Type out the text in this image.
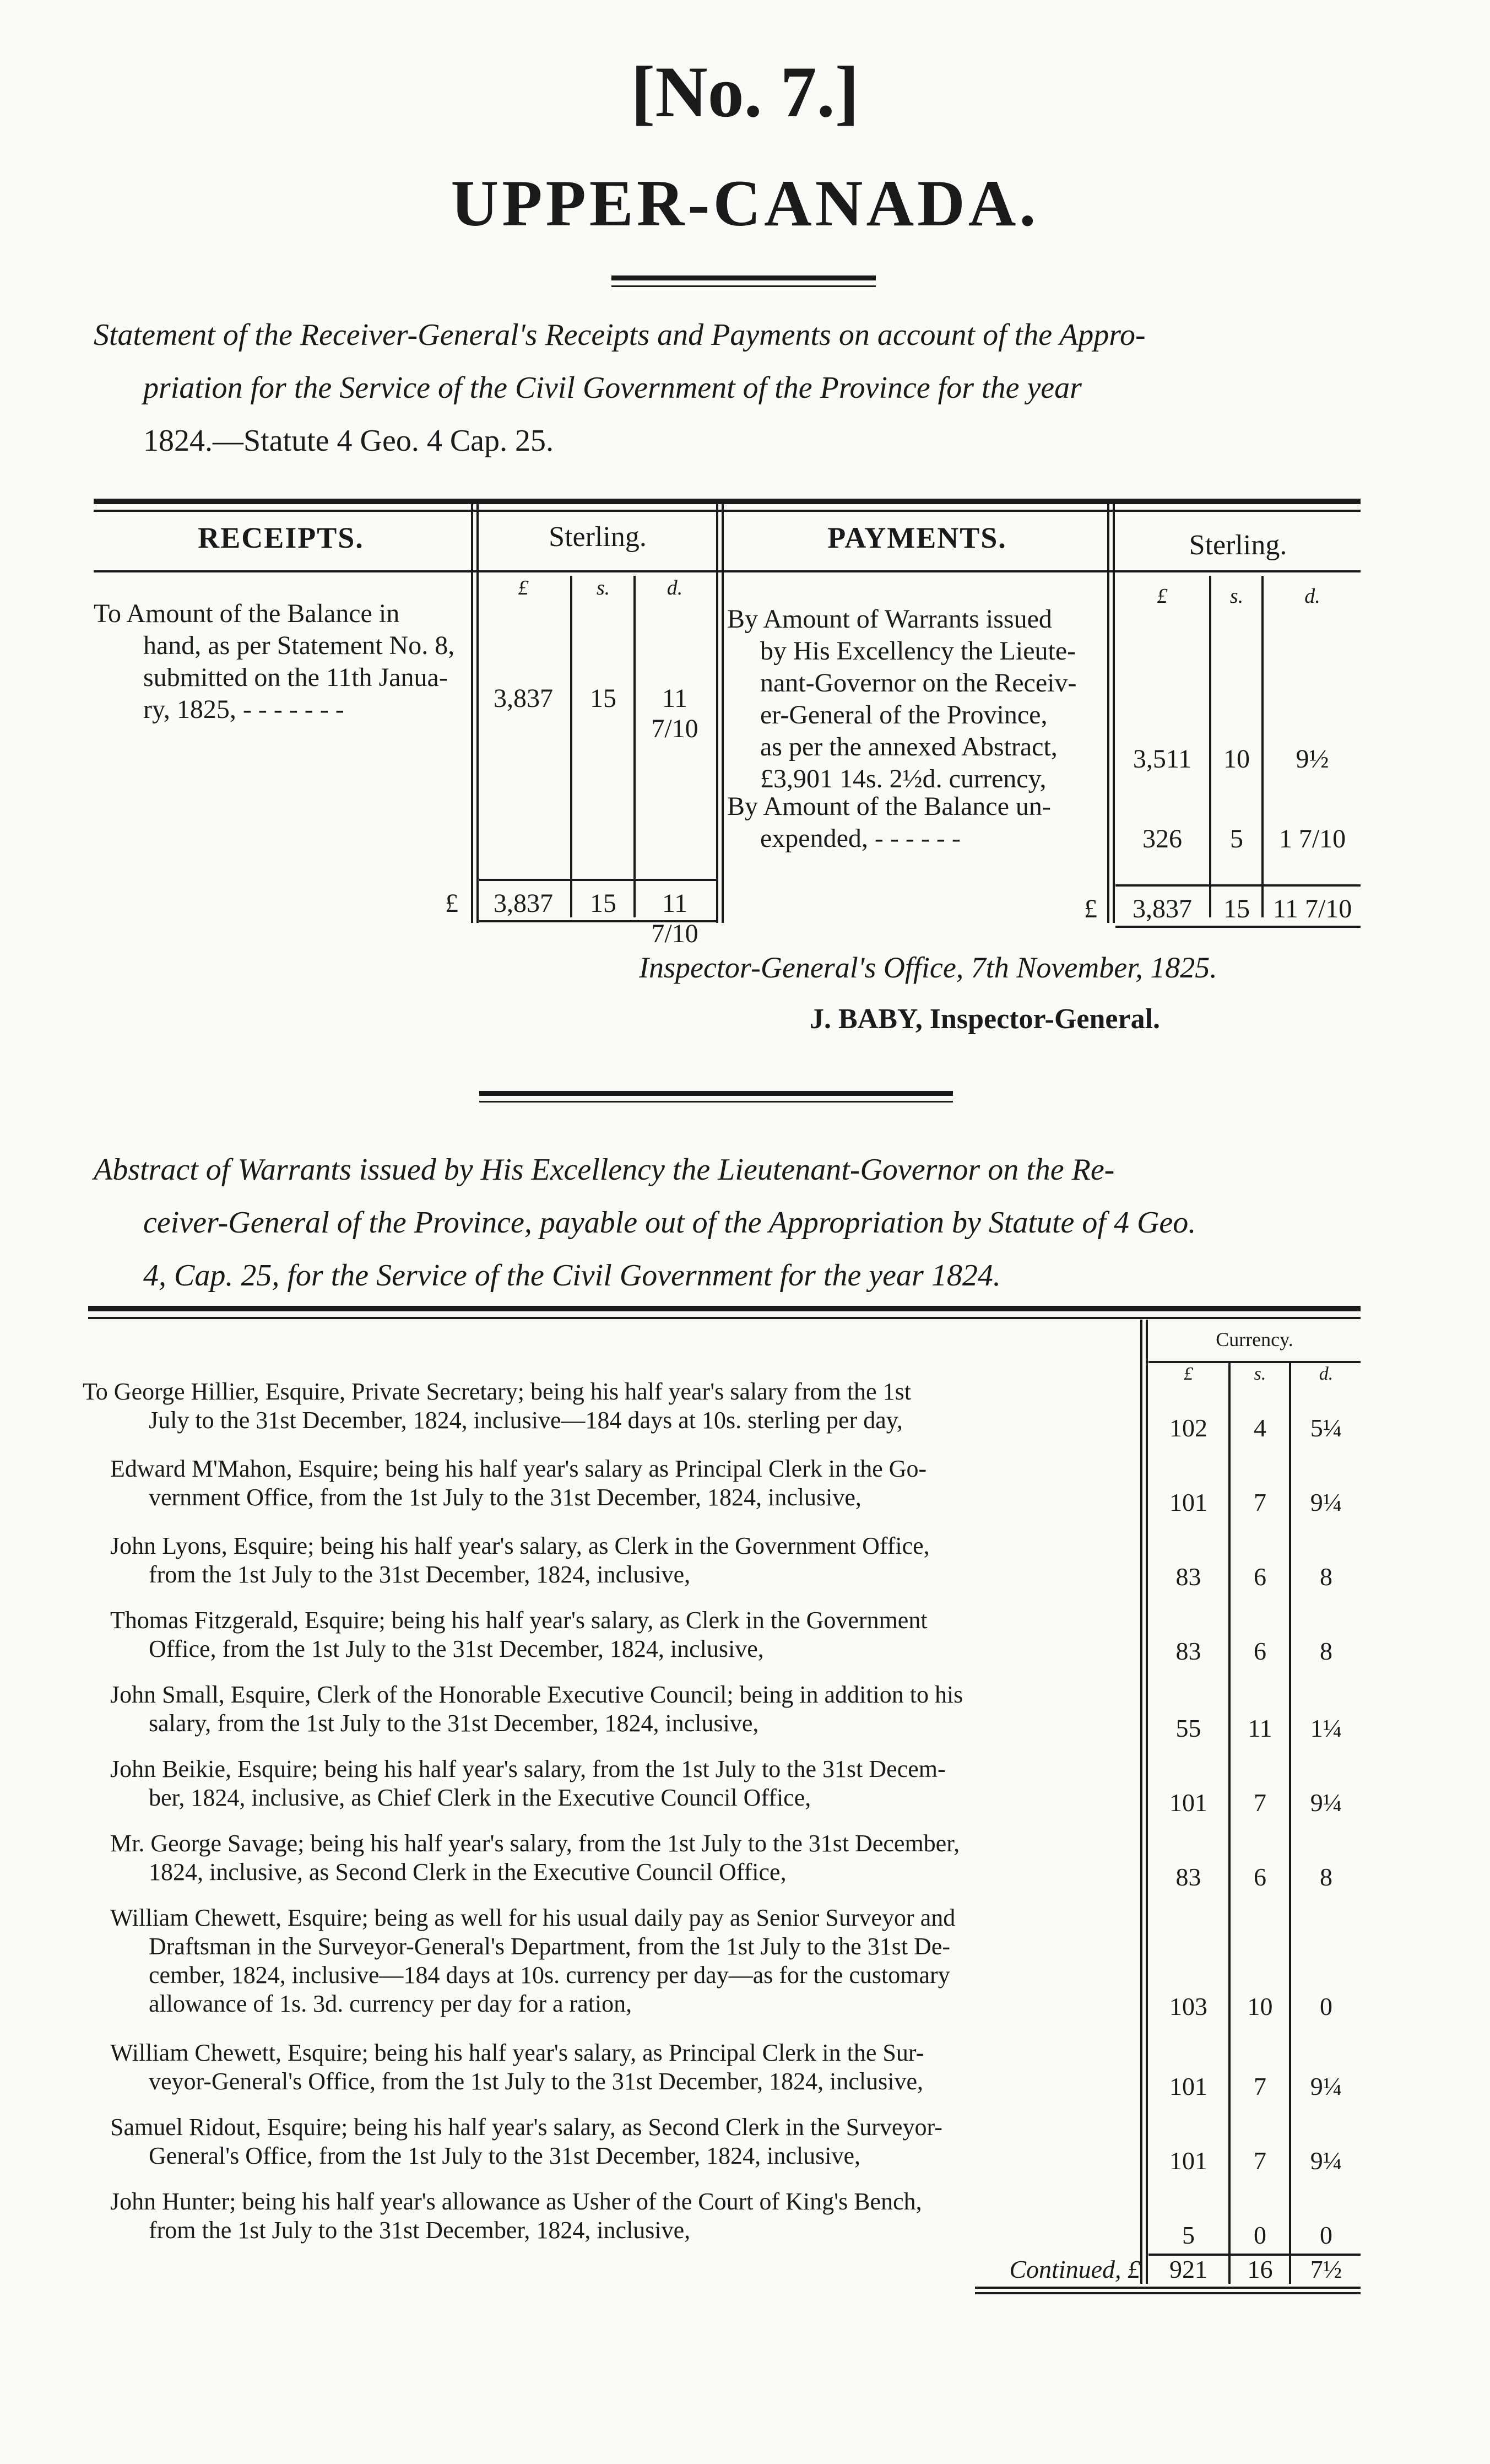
[No. 7.]
UPPER-CANADA.
Statement of the Receiver-General's Receipts and Payments on account of the Appro-
priation for the Service of the Civil Government of the Province for the year
1824.—Statute 4 Geo. 4 Cap. 25.
RECEIPTS.	Sterling.	PAYMENTS.	Sterling.
£	s.	d.	£	s.	d.
To Amount of the Balance in
hand, as per Statement No. 8,
submitted on the 11th Janua-
ry, 1825, - - - - - - -	3,837	15	11 7/10
By Amount of Warrants issued
by His Excellency the Lieute-
nant-Governor on the Receiv-
er-General of the Province,
as per the annexed Abstract,
£3,901 14s. 2½d. currency,
3,511	10	9½
By Amount of the Balance un-
expended, - - - - - -	326	5	1 7/10
£	3,837	15	11 7/10
£	3,837	15 11 7/10
Inspector-General's Office, 7th November, 1825.
J. BABY, Inspector-General.
Abstract of Warrants issued by His Excellency the Lieutenant-Governor on the Re-
ceiver-General of the Province, payable out of the Appropriation by Statute of 4 Geo.
4, Cap. 25, for the Service of the Civil Government for the year 1824.
Currency.
£	s.	d.
To George Hillier, Esquire, Private Secretary; being his half year's salary from the 1st
July to the 31st December, 1824, inclusive—184 days at 10s. sterling per day,	102	4	5¼
Edward M'Mahon, Esquire; being his half year's salary as Principal Clerk in the Go-
vernment Office, from the 1st July to the 31st December, 1824, inclusive,	101	7	9¼
John Lyons, Esquire; being his half year's salary, as Clerk in the Government Office,
from the 1st July to the 31st December, 1824, inclusive,	83	6	8
Thomas Fitzgerald, Esquire; being his half year's salary, as Clerk in the Government
Office, from the 1st July to the 31st December, 1824, inclusive,	83	6	8
John Small, Esquire, Clerk of the Honorable Executive Council; being in addition to his
salary, from the 1st July to the 31st December, 1824, inclusive,	55	11	1¼
John Beikie, Esquire; being his half year's salary, from the 1st July to the 31st Decem-
ber, 1824, inclusive, as Chief Clerk in the Executive Council Office,	101	7	9¼
Mr. George Savage; being his half year's salary, from the 1st July to the 31st December,
1824, inclusive, as Second Clerk in the Executive Council Office,	83	6	8
William Chewett, Esquire; being as well for his usual daily pay as Senior Surveyor and
Draftsman in the Surveyor-General's Department, from the 1st July to the 31st De-
cember, 1824, inclusive—184 days at 10s. currency per day—as for the customary
allowance of 1s. 3d. currency per day for a ration,	103	10	0
William Chewett, Esquire; being his half year's salary, as Principal Clerk in the Sur-
veyor-General's Office, from the 1st July to the 31st December, 1824, inclusive,	101	7	9¼
Samuel Ridout, Esquire; being his half year's salary, as Second Clerk in the Surveyor-
General's Office, from the 1st July to the 31st December, 1824, inclusive,	101	7	9¼
John Hunter; being his half year's allowance as Usher of the Court of King's Bench,
from the 1st July to the 31st December, 1824, inclusive,	5	0	0
Continued, £	921	16	7½
